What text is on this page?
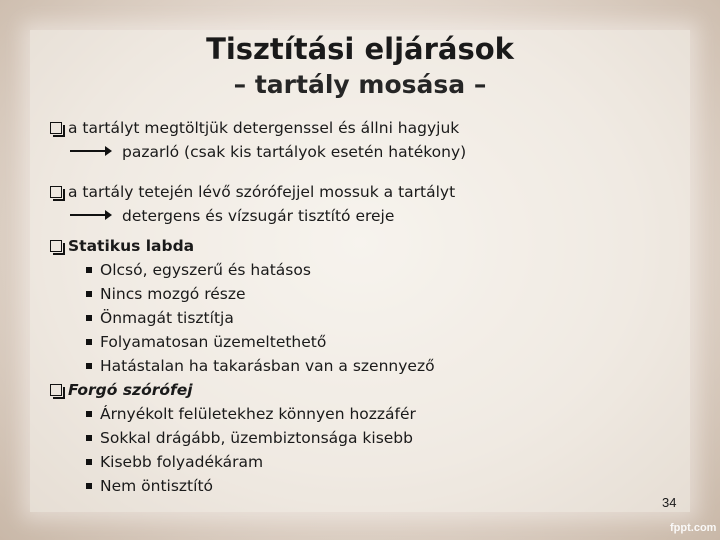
Tisztítási eljárások
– tartály mosása –
a tartályt megtöltjük detergenssel és állni hagyjuk
pazarló (csak kis tartályok esetén hatékony)
a tartály tetején lévő szórófejjel mossuk a tartályt
detergens és vízsugár tisztító ereje
Statikus labda
Olcsó, egyszerű és hatásos
Nincs mozgó része
Önmagát tisztítja
Folyamatosan üzemeltethető
Hatástalan ha takarásban van a szennyező
Forgó szórófej
Árnyékolt felületekhez könnyen hozzáfér
Sokkal drágább, üzembiztonsága kisebb
Kisebb folyadékáram
Nem öntisztító
34
fppt.com
